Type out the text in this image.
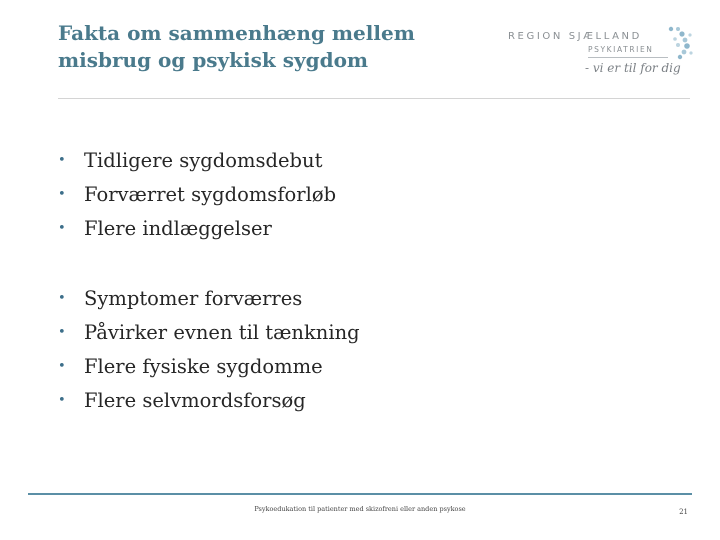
Fakta om sammenhæng mellem
misbrug og psykisk sygdom
REGION SJÆLLAND
PSYKIATRIEN
- vi er til for dig
• Tidligere sygdomsdebut
• Forværret sygdomsforløb
• Flere indlæggelser
• Symptomer forværres
• Påvirker evnen til tænkning
• Flere fysiske sygdomme
• Flere selvmordsforsøg
Psykoedukation til patienter med skizofreni eller anden psykose	21
